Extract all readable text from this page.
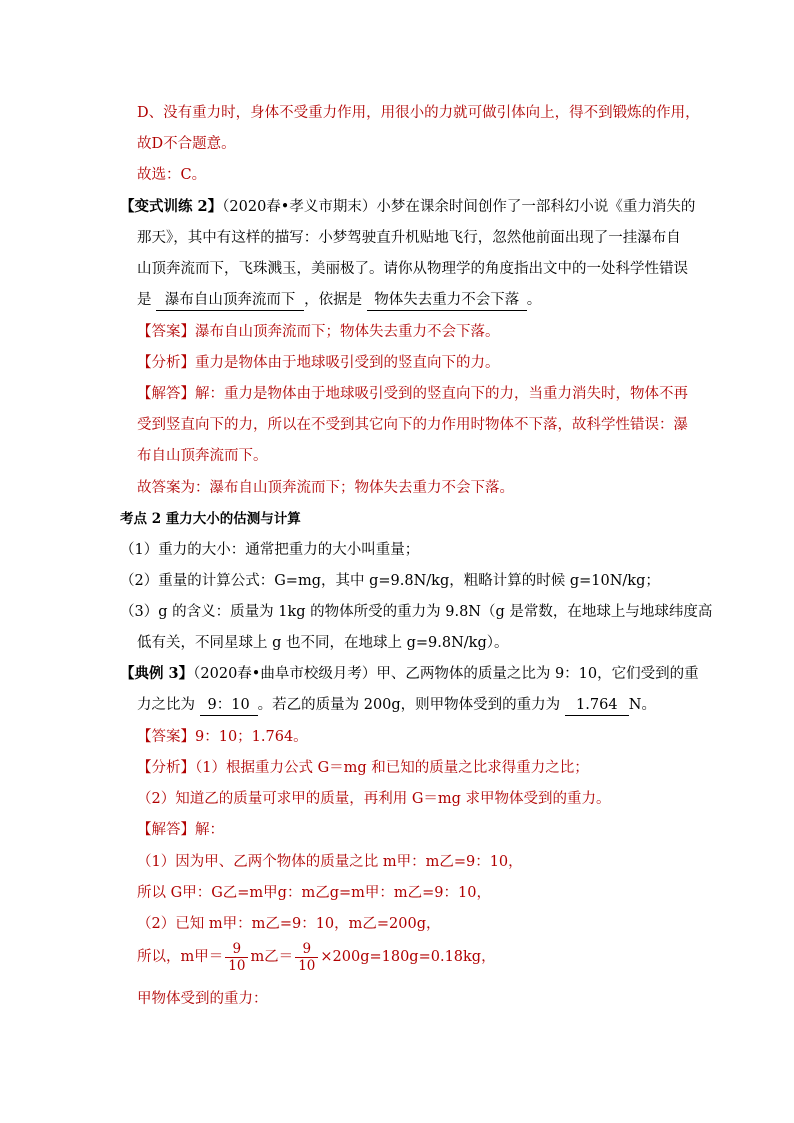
D、没有重力时，身体不受重力作用，用很小的力就可做引体向上，得不到锻炼的作用，
故D不合题意。
故选：C。
【变式训练 2】（2020春•孝义市期末）小梦在课余时间创作了一部科幻小说《重力消失的
那天》，其中有这样的描写：小梦驾驶直升机贴地飞行，忽然他前面出现了一挂瀑布自
山顶奔流而下，飞珠溅玉，美丽极了。请你从物理学的角度指出文中的一处科学性错误
是 瀑布自山顶奔流而下 ，依据是 物体失去重力不会下落 。
【答案】瀑布自山顶奔流而下；物体失去重力不会下落。
【分析】重力是物体由于地球吸引受到的竖直向下的力。
【解答】解：重力是物体由于地球吸引受到的竖直向下的力，当重力消失时，物体不再
受到竖直向下的力，所以在不受到其它向下的力作用时物体不下落，故科学性错误：瀑
布自山顶奔流而下。
故答案为：瀑布自山顶奔流而下；物体失去重力不会下落。
考点 2 重力大小的估测与计算
（1）重力的大小：通常把重力的大小叫重量；
（2）重量的计算公式：G=mg，其中 g=9.8N/kg，粗略计算的时候 g=10N/kg；
（3）g 的含义：质量为 1kg 的物体所受的重力为 9.8N（g 是常数，在地球上与地球纬度高
低有关，不同星球上 g 也不同，在地球上 g=9.8N/kg）。
【典例 3】（2020春•曲阜市校级月考）甲、乙两物体的质量之比为 9：10，它们受到的重
力之比为 9：10 。若乙的质量为 200g，则甲物体受到的重力为 1.764 N。
【答案】9：10；1.764。
【分析】（1）根据重力公式 G＝mg 和已知的质量之比求得重力之比；
（2）知道乙的质量可求甲的质量，再利用 G＝mg 求甲物体受到的重力。
【解答】解：
（1）因为甲、乙两个物体的质量之比 m甲：m乙=9：10，
所以 G甲：G乙=m甲g：m乙g=m甲：m乙=9：10，
（2）已知 m甲：m乙=9：10，m乙=200g，
所以，m甲＝ $\frac{9}{10}$ m乙＝ $\frac{9}{10} \times 200g=180g=0.18kg$，
甲物体受到的重力：
